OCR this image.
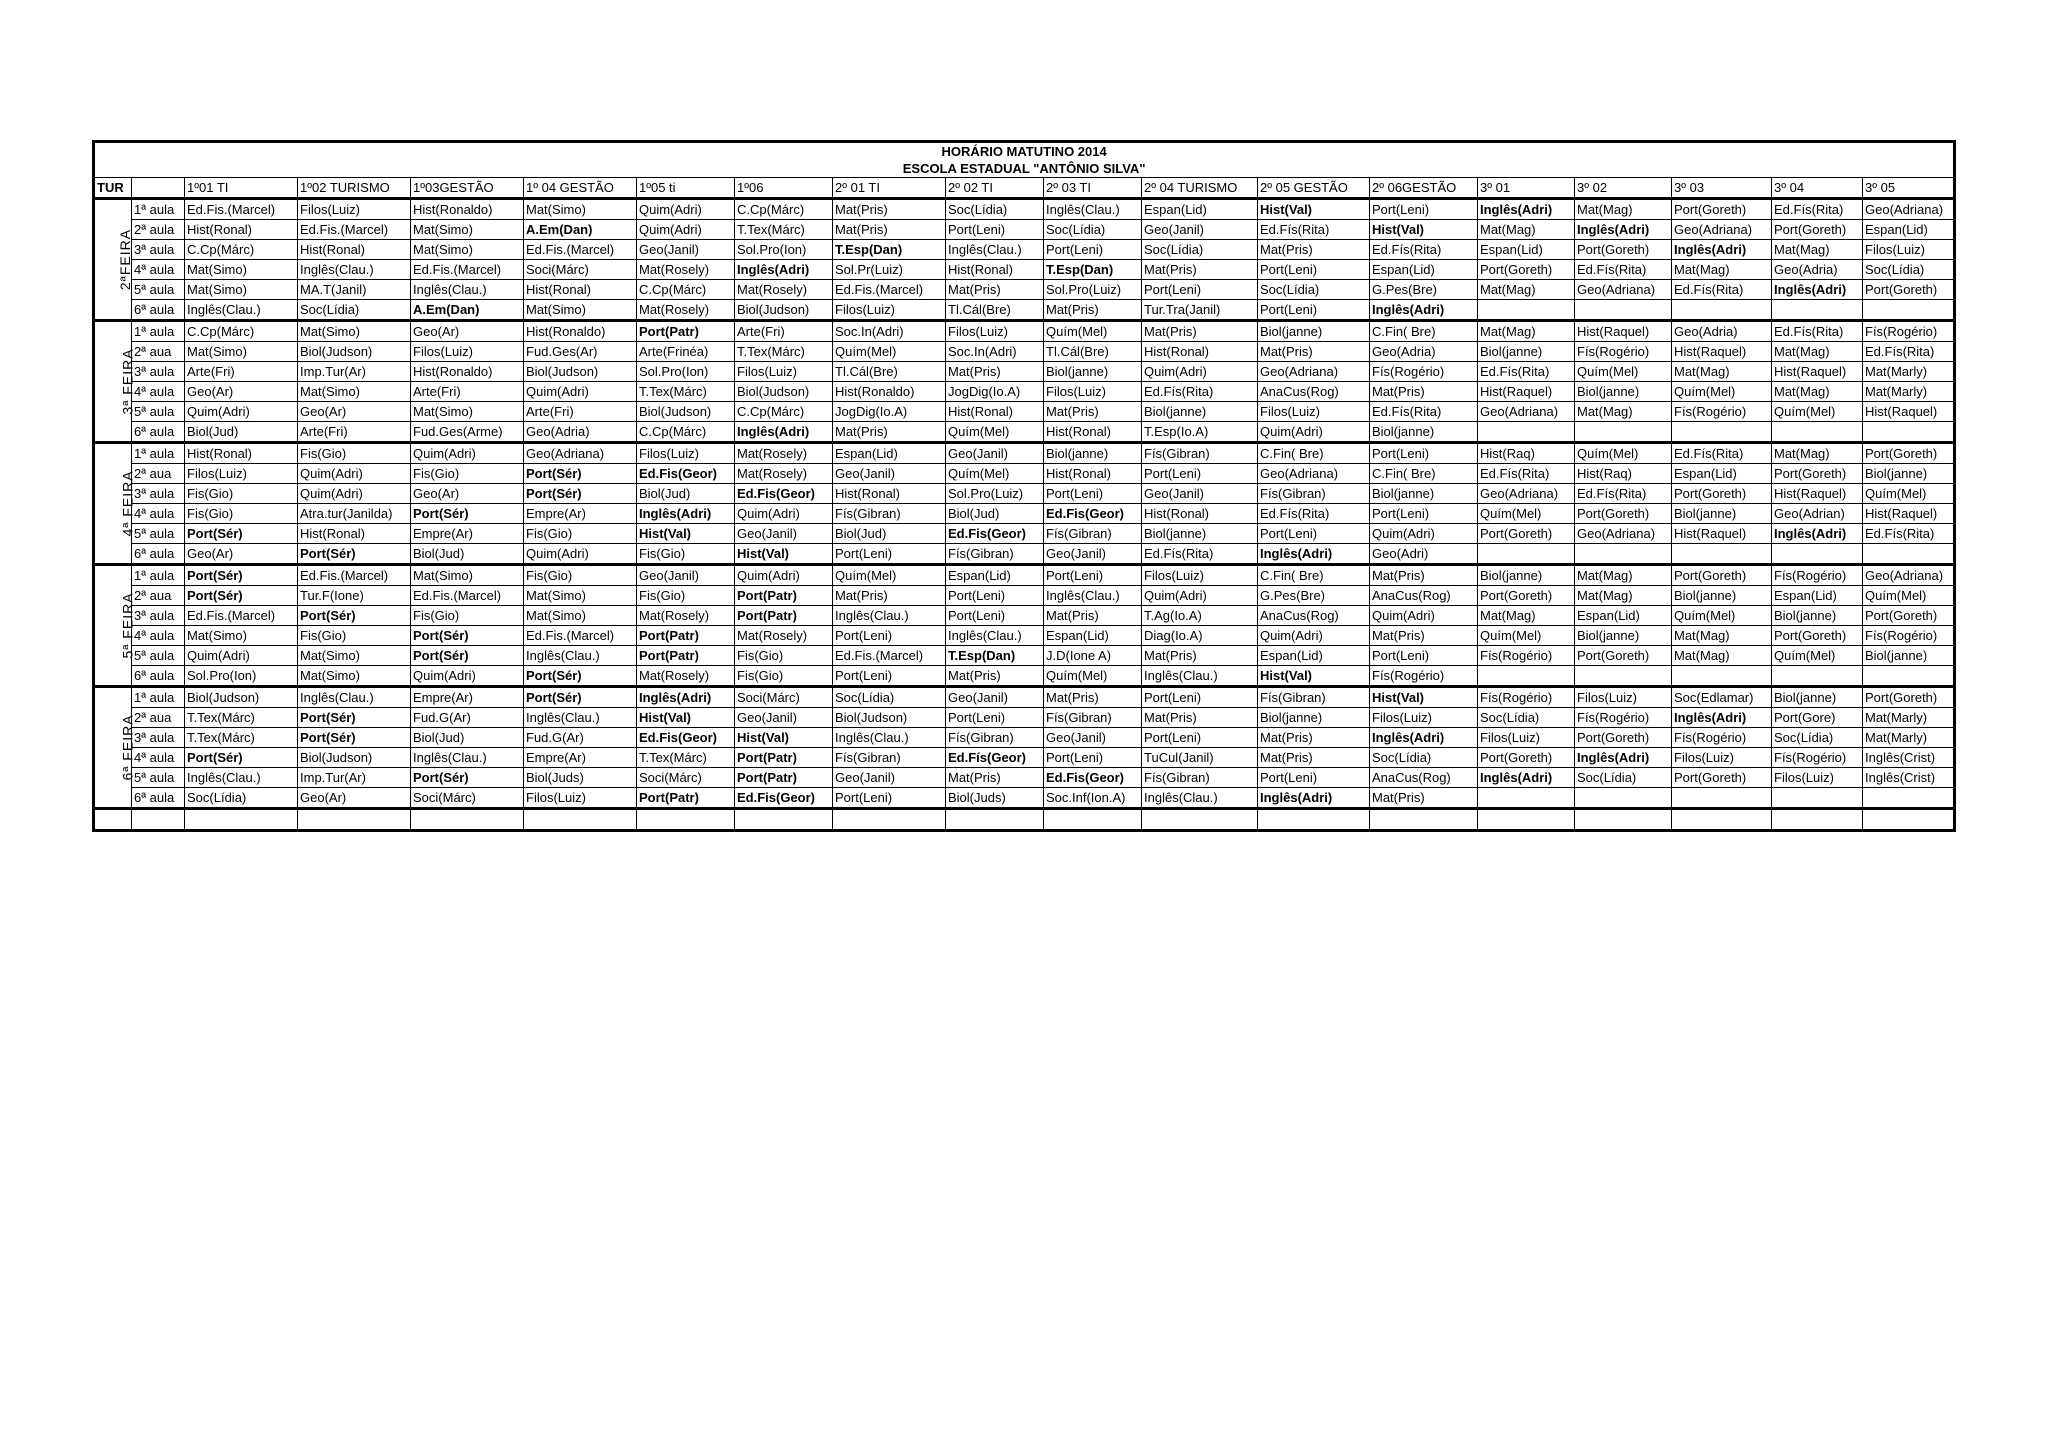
HORÁRIO MATUTINO 2014																		
ESCOLA ESTADUAL "ANTÔNIO SILVA"																		
TUR		1º01 TI	1º02 TURISMO	1º03GESTÃO	1º 04 GESTÃO	1º05 ti	1º06	2º 01 TI	2º 02 TI	2º 03 TI	2º 04 TURISMO	2º 05 GESTÃO	2º 06GESTÃO	3º 01	3º 02	3º 03	3º 04	3º 05
2ªFEIRA	1ª aula	Ed.Fis.(Marcel)	Filos(Luiz)	Hist(Ronaldo)	Mat(Simo)	Quim(Adri)	C.Cp(Márc)	Mat(Pris)	Soc(Lídia)	Inglês(Clau.)	Espan(Lid)	Hist(Val)	Port(Leni)	Inglês(Adri)	Mat(Mag)	Port(Goreth)	Ed.Fís(Rita)	Geo(Adriana)
	2ª aula	Hist(Ronal)	Ed.Fis.(Marcel)	Mat(Simo)	A.Em(Dan)	Quim(Adri)	T.Tex(Márc)	Mat(Pris)	Port(Leni)	Soc(Lídia)	Geo(Janil)	Ed.Fís(Rita)	Hist(Val)	Mat(Mag)	Inglês(Adri)	Geo(Adriana)	Port(Goreth)	Espan(Lid)
	3ª aula	C.Cp(Márc)	Hist(Ronal)	Mat(Simo)	Ed.Fis.(Marcel)	Geo(Janil)	Sol.Pro(Ion)	T.Esp(Dan)	Inglês(Clau.)	Port(Leni)	Soc(Lídia)	Mat(Pris)	Ed.Fís(Rita)	Espan(Lid)	Port(Goreth)	Inglês(Adri)	Mat(Mag)	Filos(Luiz)
	4ª aula	Mat(Simo)	Inglês(Clau.)	Ed.Fis.(Marcel)	Soci(Márc)	Mat(Rosely)	Inglês(Adri)	Sol.Pr(Luiz)	Hist(Ronal)	T.Esp(Dan)	Mat(Pris)	Port(Leni)	Espan(Lid)	Port(Goreth)	Ed.Fís(Rita)	Mat(Mag)	Geo(Adria)	Soc(Lídia)
	5ª aula	Mat(Simo)	MA.T(Janil)	Inglês(Clau.)	Hist(Ronal)	C.Cp(Márc)	Mat(Rosely)	Ed.Fis.(Marcel)	Mat(Pris)	Sol.Pro(Luiz)	Port(Leni)	Soc(Lídia)	G.Pes(Bre)	Mat(Mag)	Geo(Adriana)	Ed.Fís(Rita)	Inglês(Adri)	Port(Goreth)
	6ª aula	Inglês(Clau.)	Soc(Lídia)	A.Em(Dan)	Mat(Simo)	Mat(Rosely)	Biol(Judson)	Filos(Luiz)	Tl.Cál(Bre)	Mat(Pris)	Tur.Tra(Janil)	Port(Leni)	Inglês(Adri)					
3ª FEIRA	1ª aula	C.Cp(Márc)	Mat(Simo)	Geo(Ar)	Hist(Ronaldo)	Port(Patr)	Arte(Fri)	Soc.In(Adri)	Filos(Luiz)	Quím(Mel)	Mat(Pris)	Biol(janne)	C.Fin( Bre)	Mat(Mag)	Hist(Raquel)	Geo(Adria)	Ed.Fís(Rita)	Fís(Rogério)
	2ª aua	Mat(Simo)	Biol(Judson)	Filos(Luiz)	Fud.Ges(Ar)	Arte(Frinéa)	T.Tex(Márc)	Quím(Mel)	Soc.In(Adri)	Tl.Cál(Bre)	Hist(Ronal)	Mat(Pris)	Geo(Adria)	Biol(janne)	Fís(Rogério)	Hist(Raquel)	Mat(Mag)	Ed.Fís(Rita)
	3ª aula	Arte(Fri)	Imp.Tur(Ar)	Hist(Ronaldo)	Biol(Judson)	Sol.Pro(Ion)	Filos(Luiz)	Tl.Cál(Bre)	Mat(Pris)	Biol(janne)	Quim(Adri)	Geo(Adriana)	Fís(Rogério)	Ed.Fís(Rita)	Quím(Mel)	Mat(Mag)	Hist(Raquel)	Mat(Marly)
	4ª aula	Geo(Ar)	Mat(Simo)	Arte(Fri)	Quim(Adri)	T.Tex(Márc)	Biol(Judson)	Hist(Ronaldo)	JogDig(Io.A)	Filos(Luiz)	Ed.Fís(Rita)	AnaCus(Rog)	Mat(Pris)	Hist(Raquel)	Biol(janne)	Quím(Mel)	Mat(Mag)	Mat(Marly)
	5ª aula	Quim(Adri)	Geo(Ar)	Mat(Simo)	Arte(Fri)	Biol(Judson)	C.Cp(Márc)	JogDig(Io.A)	Hist(Ronal)	Mat(Pris)	Biol(janne)	Filos(Luiz)	Ed.Fís(Rita)	Geo(Adriana)	Mat(Mag)	Fís(Rogério)	Quím(Mel)	Hist(Raquel)
	6ª aula	Biol(Jud)	Arte(Fri)	Fud.Ges(Arme)	Geo(Adria)	C.Cp(Márc)	Inglês(Adri)	Mat(Pris)	Quím(Mel)	Hist(Ronal)	T.Esp(Io.A)	Quim(Adri)	Biol(janne)					
4ª FEIRA	1ª aula	Hist(Ronal)	Fis(Gio)	Quim(Adri)	Geo(Adriana)	Filos(Luiz)	Mat(Rosely)	Espan(Lid)	Geo(Janil)	Biol(janne)	Fís(Gibran)	C.Fin( Bre)	Port(Leni)	Hist(Raq)	Quím(Mel)	Ed.Fís(Rita)	Mat(Mag)	Port(Goreth)
	2ª aua	Filos(Luiz)	Quim(Adri)	Fis(Gio)	Port(Sér)	Ed.Fis(Geor)	Mat(Rosely)	Geo(Janil)	Quím(Mel)	Hist(Ronal)	Port(Leni)	Geo(Adriana)	C.Fin( Bre)	Ed.Fís(Rita)	Hist(Raq)	Espan(Lid)	Port(Goreth)	Biol(janne)
	3ª aula	Fis(Gio)	Quim(Adri)	Geo(Ar)	Port(Sér)	Biol(Jud)	Ed.Fis(Geor)	Hist(Ronal)	Sol.Pro(Luiz)	Port(Leni)	Geo(Janil)	Fís(Gibran)	Biol(janne)	Geo(Adriana)	Ed.Fís(Rita)	Port(Goreth)	Hist(Raquel)	Quím(Mel)
	4ª aula	Fis(Gio)	Atra.tur(Janilda)	Port(Sér)	Empre(Ar)	Inglês(Adri)	Quim(Adri)	Fís(Gibran)	Biol(Jud)	Ed.Fis(Geor)	Hist(Ronal)	Ed.Fís(Rita)	Port(Leni)	Quím(Mel)	Port(Goreth)	Biol(janne)	Geo(Adrian)	Hist(Raquel)
	5ª aula	Port(Sér)	Hist(Ronal)	Empre(Ar)	Fis(Gio)	Hist(Val)	Geo(Janil)	Biol(Jud)	Ed.Fis(Geor)	Fís(Gibran)	Biol(janne)	Port(Leni)	Quim(Adri)	Port(Goreth)	Geo(Adriana)	Hist(Raquel)	Inglês(Adri)	Ed.Fís(Rita)
	6ª aula	Geo(Ar)	Port(Sér)	Biol(Jud)	Quim(Adri)	Fis(Gio)	Hist(Val)	Port(Leni)	Fís(Gibran)	Geo(Janil)	Ed.Fís(Rita)	Inglês(Adri)	Geo(Adri)					
5ª FEIRA	1ª aula	Port(Sér)	Ed.Fis.(Marcel)	Mat(Simo)	Fis(Gio)	Geo(Janil)	Quim(Adri)	Quím(Mel)	Espan(Lid)	Port(Leni)	Filos(Luiz)	C.Fin( Bre)	Mat(Pris)	Biol(janne)	Mat(Mag)	Port(Goreth)	Fís(Rogério)	Geo(Adriana)
	2ª aua	Port(Sér)	Tur.F(Ione)	Ed.Fis.(Marcel)	Mat(Simo)	Fis(Gio)	Port(Patr)	Mat(Pris)	Port(Leni)	Inglês(Clau.)	Quim(Adri)	G.Pes(Bre)	AnaCus(Rog)	Port(Goreth)	Mat(Mag)	Biol(janne)	Espan(Lid)	Quím(Mel)
	3ª aula	Ed.Fis.(Marcel)	Port(Sér)	Fis(Gio)	Mat(Simo)	Mat(Rosely)	Port(Patr)	Inglês(Clau.)	Port(Leni)	Mat(Pris)	T.Ag(Io.A)	AnaCus(Rog)	Quim(Adri)	Mat(Mag)	Espan(Lid)	Quím(Mel)	Biol(janne)	Port(Goreth)
	4ª aula	Mat(Simo)	Fis(Gio)	Port(Sér)	Ed.Fis.(Marcel)	Port(Patr)	Mat(Rosely)	Port(Leni)	Inglês(Clau.)	Espan(Lid)	Diag(Io.A)	Quim(Adri)	Mat(Pris)	Quím(Mel)	Biol(janne)	Mat(Mag)	Port(Goreth)	Fís(Rogério)
	5ª aula	Quim(Adri)	Mat(Simo)	Port(Sér)	Inglês(Clau.)	Port(Patr)	Fis(Gio)	Ed.Fis.(Marcel)	T.Esp(Dan)	J.D(Ione A)	Mat(Pris)	Espan(Lid)	Port(Leni)	Fís(Rogério)	Port(Goreth)	Mat(Mag)	Quím(Mel)	Biol(janne)
	6ª aula	Sol.Pro(Ion)	Mat(Simo)	Quim(Adri)	Port(Sér)	Mat(Rosely)	Fis(Gio)	Port(Leni)	Mat(Pris)	Quím(Mel)	Inglês(Clau.)	Hist(Val)	Fís(Rogério)					
6ª FEIRA	1ª aula	Biol(Judson)	Inglês(Clau.)	Empre(Ar)	Port(Sér)	Inglês(Adri)	Soci(Márc)	Soc(Lídia)	Geo(Janil)	Mat(Pris)	Port(Leni)	Fís(Gibran)	Hist(Val)	Fís(Rogério)	Filos(Luiz)	Soc(Edlamar)	Biol(janne)	Port(Goreth)
	2ª aua	T.Tex(Márc)	Port(Sér)	Fud.G(Ar)	Inglês(Clau.)	Hist(Val)	Geo(Janil)	Biol(Judson)	Port(Leni)	Fís(Gibran)	Mat(Pris)	Biol(janne)	Filos(Luiz)	Soc(Lídia)	Fís(Rogério)	Inglês(Adri)	Port(Gore)	Mat(Marly)
	3ª aula	T.Tex(Márc)	Port(Sér)	Biol(Jud)	Fud.G(Ar)	Ed.Fis(Geor)	Hist(Val)	Inglês(Clau.)	Fís(Gibran)	Geo(Janil)	Port(Leni)	Mat(Pris)	Inglês(Adri)	Filos(Luiz)	Port(Goreth)	Fís(Rogério)	Soc(Lídia)	Mat(Marly)
	4ª aula	Port(Sér)	Biol(Judson)	Inglês(Clau.)	Empre(Ar)	T.Tex(Márc)	Port(Patr)	Fís(Gibran)	Ed.Fís(Geor)	Port(Leni)	TuCul(Janil)	Mat(Pris)	Soc(Lídia)	Port(Goreth)	Inglês(Adri)	Filos(Luiz)	Fís(Rogério)	Inglês(Crist)
	5ª aula	Inglês(Clau.)	Imp.Tur(Ar)	Port(Sér)	Biol(Juds)	Soci(Márc)	Port(Patr)	Geo(Janil)	Mat(Pris)	Ed.Fis(Geor)	Fís(Gibran)	Port(Leni)	AnaCus(Rog)	Inglês(Adri)	Soc(Lídia)	Port(Goreth)	Filos(Luiz)	Inglês(Crist)
	6ª aula	Soc(Lídia)	Geo(Ar)	Soci(Márc)	Filos(Luiz)	Port(Patr)	Ed.Fis(Geor)	Port(Leni)	Biol(Juds)	Soc.Inf(Ion.A)	Inglês(Clau.)	Inglês(Adri)	Mat(Pris)					
